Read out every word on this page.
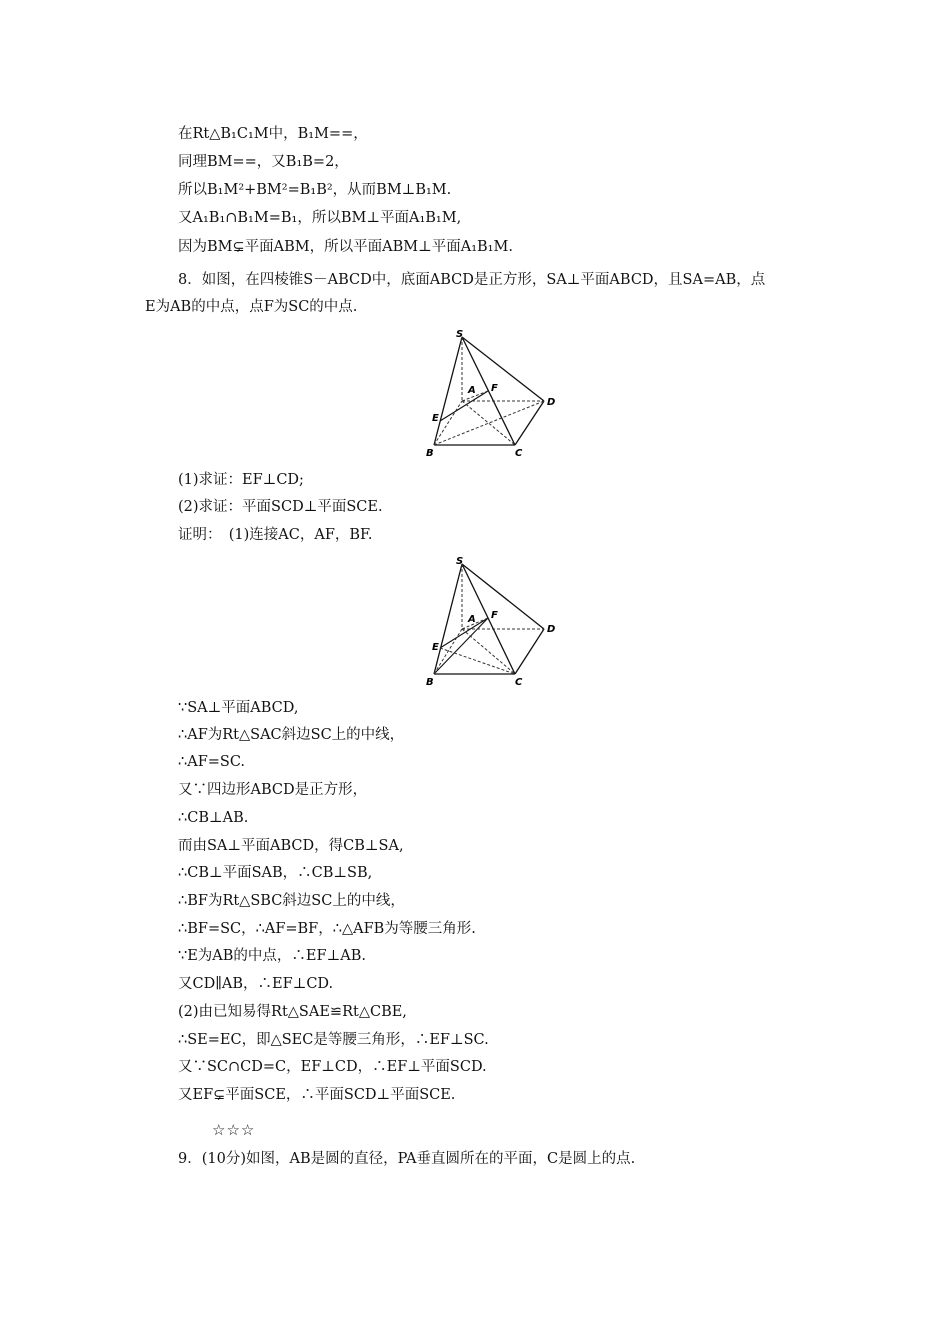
在Rt△B₁C₁M中，B₁M==，
同理BM==，又B₁B=2，
所以B₁M²+BM²=B₁B²，从而BM⊥B₁M.
又A₁B₁∩B₁M=B₁，所以BM⊥平面A₁B₁M,
因为BM⊊平面ABM，所以平面ABM⊥平面A₁B₁M.
8．如图，在四棱锥S－ABCD中，底面ABCD是正方形，SA⊥平面ABCD，且SA=AB，点
E为AB的中点，点F为SC的中点.
S
A F
D
E
B	C
(1)求证：EF⊥CD;
(2)求证：平面SCD⊥平面SCE.
证明：　(1)连接AC，AF，BF.
S
A F
D
E
B	C
∵SA⊥平面ABCD,
∴AF为Rt△SAC斜边SC上的中线，
∴AF=SC.
又∵四边形ABCD是正方形，
∴CB⊥AB.
而由SA⊥平面ABCD，得CB⊥SA,
∴CB⊥平面SAB，∴CB⊥SB,
∴BF为Rt△SBC斜边SC上的中线，
∴BF=SC，∴AF=BF，∴△AFB为等腰三角形.
∵E为AB的中点，∴EF⊥AB.
又CD∥AB，∴EF⊥CD.
(2)由已知易得Rt△SAE≌Rt△CBE,
∴SE=EC，即△SEC是等腰三角形，∴EF⊥SC.
又∵SC∩CD=C，EF⊥CD，∴EF⊥平面SCD.
又EF⊊平面SCE，∴平面SCD⊥平面SCE.
☆☆☆
9．(10分)如图，AB是圆的直径，PA垂直圆所在的平面，C是圆上的点.
